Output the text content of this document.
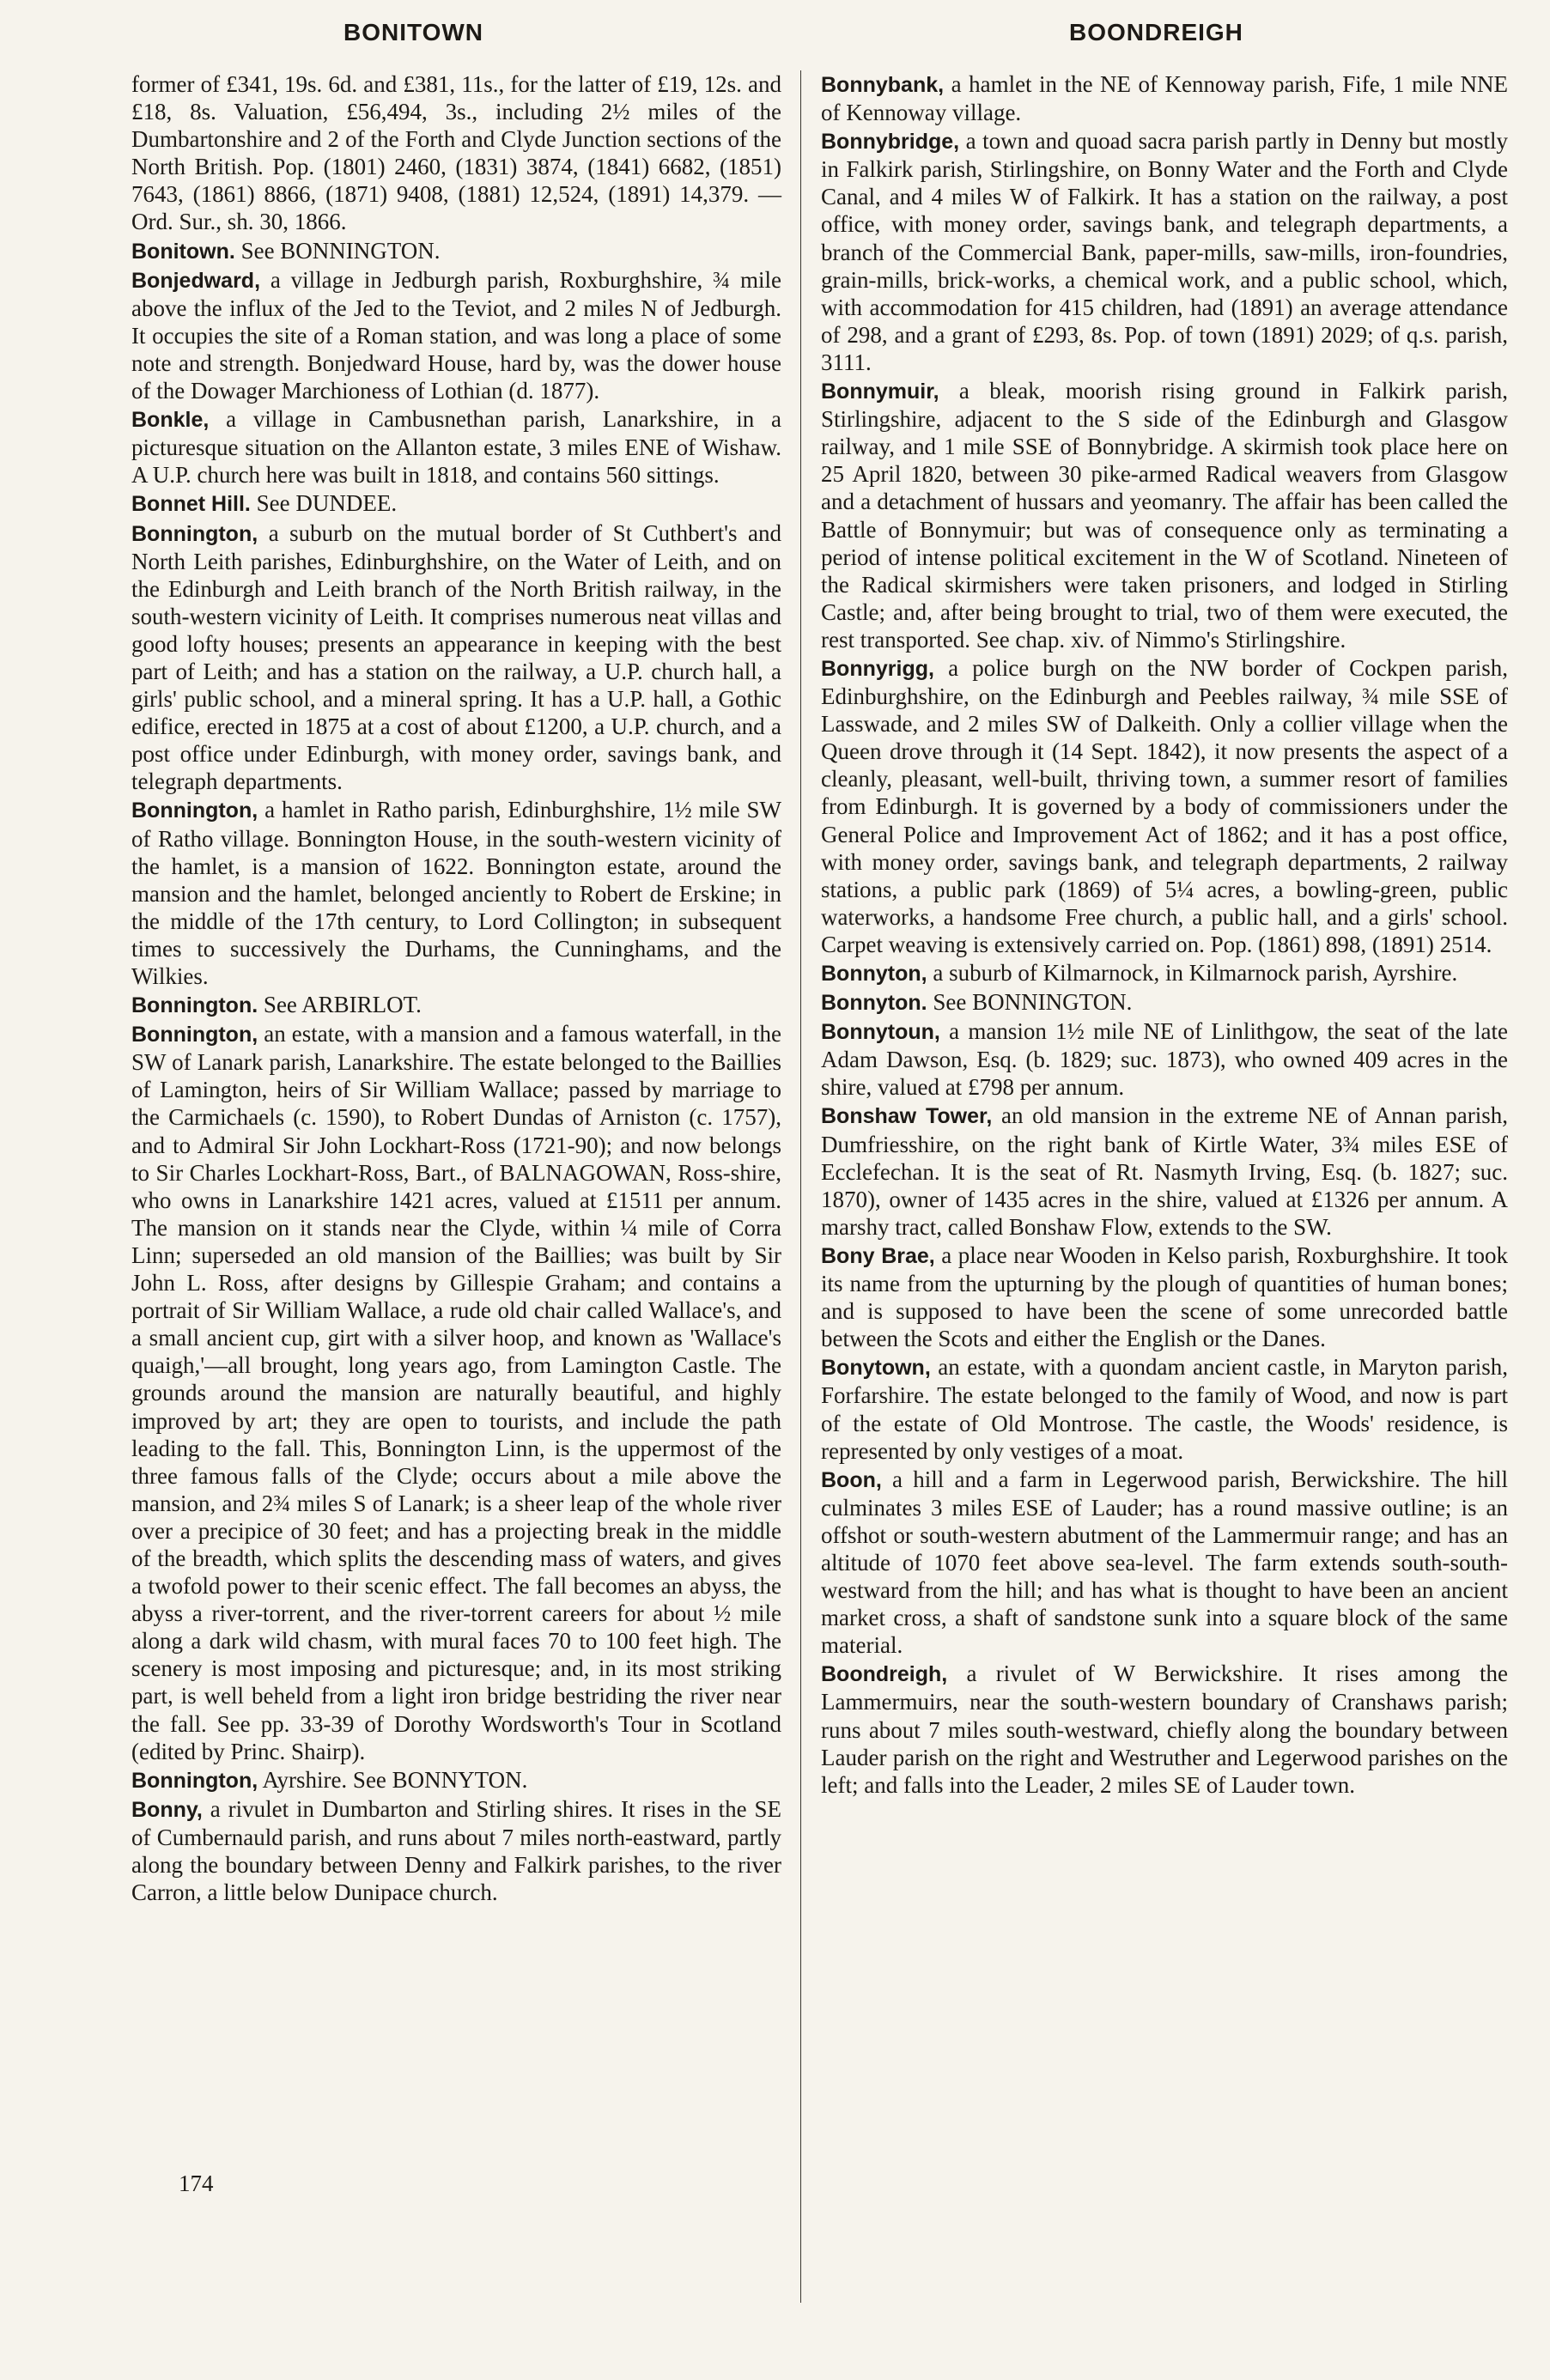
BONITOWN	BOONDREIGH

former of £341, 19s. 6d. and £381, 11s., for the latter of £19, 12s. and £18, 8s. Valuation, £56,494, 3s., including 2½ miles of the Dumbartonshire and 2 of the Forth and Clyde Junction sections of the North British. Pop. (1801) 2460, (1831) 3874, (1841) 6682, (1851) 7643, (1861) 8866, (1871) 9408, (1881) 12,524, (1891) 14,379. —Ord. Sur., sh. 30, 1866.

Bonitown. See BONNINGTON.

Bonjedward, a village in Jedburgh parish, Roxburghshire, ¾ mile above the influx of the Jed to the Teviot, and 2 miles N of Jedburgh. It occupies the site of a Roman station, and was long a place of some note and strength. Bonjedward House, hard by, was the dower house of the Dowager Marchioness of Lothian (d. 1877).

Bonkle, a village in Cambusnethan parish, Lanarkshire, in a picturesque situation on the Allanton estate, 3 miles ENE of Wishaw. A U.P. church here was built in 1818, and contains 560 sittings.

Bonnet Hill. See DUNDEE.

Bonnington, a suburb on the mutual border of St Cuthbert's and North Leith parishes, Edinburghshire, on the Water of Leith, and on the Edinburgh and Leith branch of the North British railway, in the south-western vicinity of Leith. It comprises numerous neat villas and good lofty houses; presents an appearance in keeping with the best part of Leith; and has a station on the railway, a U.P. church hall, a girls' public school, and a mineral spring. It has a U.P. hall, a Gothic edifice, erected in 1875 at a cost of about £1200, a U.P. church, and a post office under Edinburgh, with money order, savings bank, and telegraph departments.

Bonnington, a hamlet in Ratho parish, Edinburghshire, 1½ mile SW of Ratho village. Bonnington House, in the south-western vicinity of the hamlet, is a mansion of 1622. Bonnington estate, around the mansion and the hamlet, belonged anciently to Robert de Erskine; in the middle of the 17th century, to Lord Collington; in subsequent times to successively the Durhams, the Cunninghams, and the Wilkies.

Bonnington. See ARBIRLOT.

Bonnington, an estate, with a mansion and a famous waterfall, in the SW of Lanark parish, Lanarkshire. The estate belonged to the Baillies of Lamington, heirs of Sir William Wallace; passed by marriage to the Carmichaels (c. 1590), to Robert Dundas of Arniston (c. 1757), and to Admiral Sir John Lockhart-Ross (1721-90); and now belongs to Sir Charles Lockhart-Ross, Bart., of BALNAGOWAN, Ross-shire, who owns in Lanarkshire 1421 acres, valued at £1511 per annum. The mansion on it stands near the Clyde, within ¼ mile of Corra Linn; superseded an old mansion of the Baillies; was built by Sir John L. Ross, after designs by Gillespie Graham; and contains a portrait of Sir William Wallace, a rude old chair called Wallace's, and a small ancient cup, girt with a silver hoop, and known as 'Wallace's quaigh,'—all brought, long years ago, from Lamington Castle. The grounds around the mansion are naturally beautiful, and highly improved by art; they are open to tourists, and include the path leading to the fall. This, Bonnington Linn, is the uppermost of the three famous falls of the Clyde; occurs about a mile above the mansion, and 2¾ miles S of Lanark; is a sheer leap of the whole river over a precipice of 30 feet; and has a projecting break in the middle of the breadth, which splits the descending mass of waters, and gives a twofold power to their scenic effect. The fall becomes an abyss, the abyss a river-torrent, and the river-torrent careers for about ½ mile along a dark wild chasm, with mural faces 70 to 100 feet high. The scenery is most imposing and picturesque; and, in its most striking part, is well beheld from a light iron bridge bestriding the river near the fall. See pp. 33-39 of Dorothy Wordsworth's Tour in Scotland (edited by Princ. Shairp).

Bonnington, Ayrshire. See BONNYTON.

Bonny, a rivulet in Dumbarton and Stirling shires. It rises in the SE of Cumbernauld parish, and runs about 7 miles north-eastward, partly along the boundary between Denny and Falkirk parishes, to the river Carron, a little below Dunipace church.

Bonnybank, a hamlet in the NE of Kennoway parish, Fife, 1 mile NNE of Kennoway village.

Bonnybridge, a town and quoad sacra parish partly in Denny but mostly in Falkirk parish, Stirlingshire, on Bonny Water and the Forth and Clyde Canal, and 4 miles W of Falkirk. It has a station on the railway, a post office, with money order, savings bank, and telegraph departments, a branch of the Commercial Bank, paper-mills, saw-mills, iron-foundries, grain-mills, brick-works, a chemical work, and a public school, which, with accommodation for 415 children, had (1891) an average attendance of 298, and a grant of £293, 8s. Pop. of town (1891) 2029; of q.s. parish, 3111.

Bonnymuir, a bleak, moorish rising ground in Falkirk parish, Stirlingshire, adjacent to the S side of the Edinburgh and Glasgow railway, and 1 mile SSE of Bonnybridge. A skirmish took place here on 25 April 1820, between 30 pike-armed Radical weavers from Glasgow and a detachment of hussars and yeomanry. The affair has been called the Battle of Bonnymuir; but was of consequence only as terminating a period of intense political excitement in the W of Scotland. Nineteen of the Radical skirmishers were taken prisoners, and lodged in Stirling Castle; and, after being brought to trial, two of them were executed, the rest transported. See chap. xiv. of Nimmo's Stirlingshire.

Bonnyrigg, a police burgh on the NW border of Cockpen parish, Edinburghshire, on the Edinburgh and Peebles railway, ¾ mile SSE of Lasswade, and 2 miles SW of Dalkeith. Only a collier village when the Queen drove through it (14 Sept. 1842), it now presents the aspect of a cleanly, pleasant, well-built, thriving town, a summer resort of families from Edinburgh. It is governed by a body of commissioners under the General Police and Improvement Act of 1862; and it has a post office, with money order, savings bank, and telegraph departments, 2 railway stations, a public park (1869) of 5¼ acres, a bowling-green, public waterworks, a handsome Free church, a public hall, and a girls' school. Carpet weaving is extensively carried on. Pop. (1861) 898, (1891) 2514.

Bonnyton, a suburb of Kilmarnock, in Kilmarnock parish, Ayrshire.

Bonnyton. See BONNINGTON.

Bonnytoun, a mansion 1½ mile NE of Linlithgow, the seat of the late Adam Dawson, Esq. (b. 1829; suc. 1873), who owned 409 acres in the shire, valued at £798 per annum.

Bonshaw Tower, an old mansion in the extreme NE of Annan parish, Dumfriesshire, on the right bank of Kirtle Water, 3¾ miles ESE of Ecclefechan. It is the seat of Rt. Nasmyth Irving, Esq. (b. 1827; suc. 1870), owner of 1435 acres in the shire, valued at £1326 per annum. A marshy tract, called Bonshaw Flow, extends to the SW.

Bony Brae, a place near Wooden in Kelso parish, Roxburghshire. It took its name from the upturning by the plough of quantities of human bones; and is supposed to have been the scene of some unrecorded battle between the Scots and either the English or the Danes.

Bonytown, an estate, with a quondam ancient castle, in Maryton parish, Forfarshire. The estate belonged to the family of Wood, and now is part of the estate of Old Montrose. The castle, the Woods' residence, is represented by only vestiges of a moat.

Boon, a hill and a farm in Legerwood parish, Berwickshire. The hill culminates 3 miles ESE of Lauder; has a round massive outline; is an offshot or south-western abutment of the Lammermuir range; and has an altitude of 1070 feet above sea-level. The farm extends south-south-westward from the hill; and has what is thought to have been an ancient market cross, a shaft of sandstone sunk into a square block of the same material.

Boondreigh, a rivulet of W Berwickshire. It rises among the Lammermuirs, near the south-western boundary of Cranshaws parish; runs about 7 miles south-westward, chiefly along the boundary between Lauder parish on the right and Westruther and Legerwood parishes on the left; and falls into the Leader, 2 miles SE of Lauder town.

174
